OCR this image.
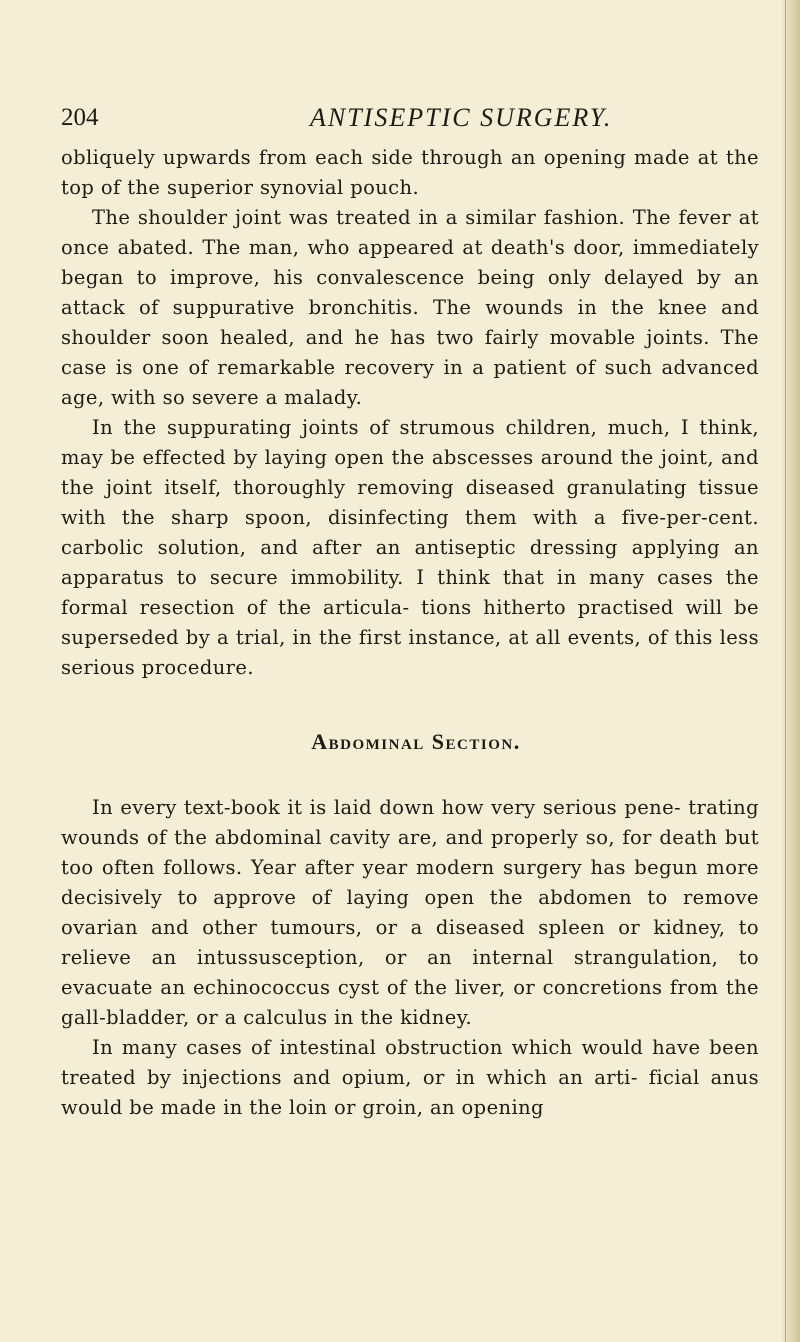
204	ANTISEPTIC SURGERY.

obliquely upwards from each side through an opening made at the top of the superior synovial pouch.

The shoulder joint was treated in a similar fashion. The fever at once abated. The man, who appeared at death's door, immediately began to improve, his convalescence being only delayed by an attack of suppurative bronchitis. The wounds in the knee and shoulder soon healed, and he has two fairly movable joints. The case is one of remarkable recovery in a patient of such advanced age, with so severe a malady.

In the suppurating joints of strumous children, much, I think, may be effected by laying open the abscesses around the joint, and the joint itself, thoroughly removing diseased granulating tissue with the sharp spoon, disinfecting them with a five-per-cent. carbolic solution, and after an antiseptic dressing applying an apparatus to secure immobility. I think that in many cases the formal resection of the articula- tions hitherto practised will be superseded by a trial, in the first instance, at all events, of this less serious procedure.

Abdominal Section.

In every text-book it is laid down how very serious pene- trating wounds of the abdominal cavity are, and properly so, for death but too often follows. Year after year modern surgery has begun more decisively to approve of laying open the abdomen to remove ovarian and other tumours, or a diseased spleen or kidney, to relieve an intussusception, or an internal strangulation, to evacuate an echinococcus cyst of the liver, or concretions from the gall-bladder, or a calculus in the kidney.

In many cases of intestinal obstruction which would have been treated by injections and opium, or in which an arti- ficial anus would be made in the loin or groin, an opening
